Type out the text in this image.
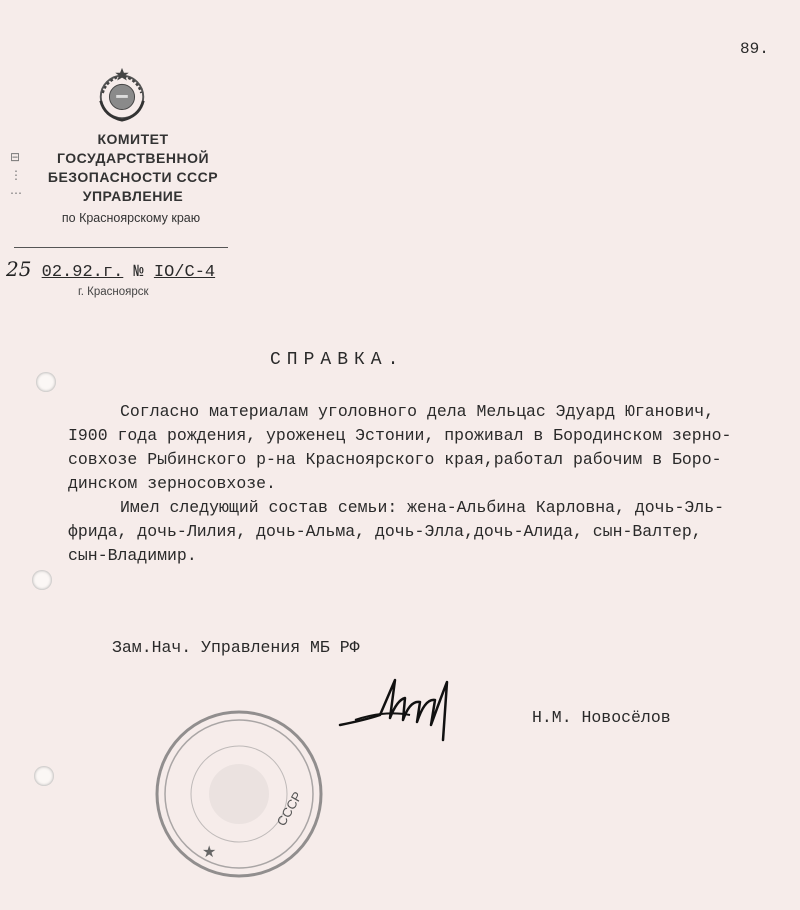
89.
⊟
⋮
⋯
КОМИТЕТ
ГОСУДАРСТВЕННОЙ
БЕЗОПАСНОСТИ СССР
УПРАВЛЕНИЕ
по Красноярскому краю
25 02.92.г. № IO/C-4
г. Красноярск
СПРАВКА.
Согласно материалам уголовного дела Мельцас Эдуард Юганович,
I900 года рождения, уроженец Эстонии, проживал в Бородинском зерно-
совхозе Рыбинского р-на Красноярского края,работал рабочим в Боро-
динском зерносовхозе.
Имел следующий состав семьи: жена-Альбина Карловна, дочь-Эль-
фрида, дочь-Лилия, дочь-Альма, дочь-Элла,дочь-Алида, сын-Валтер,
сын-Владимир.
Зам.Нач. Управления МБ РФ
Н.М. Новосёлов
СССР
★
